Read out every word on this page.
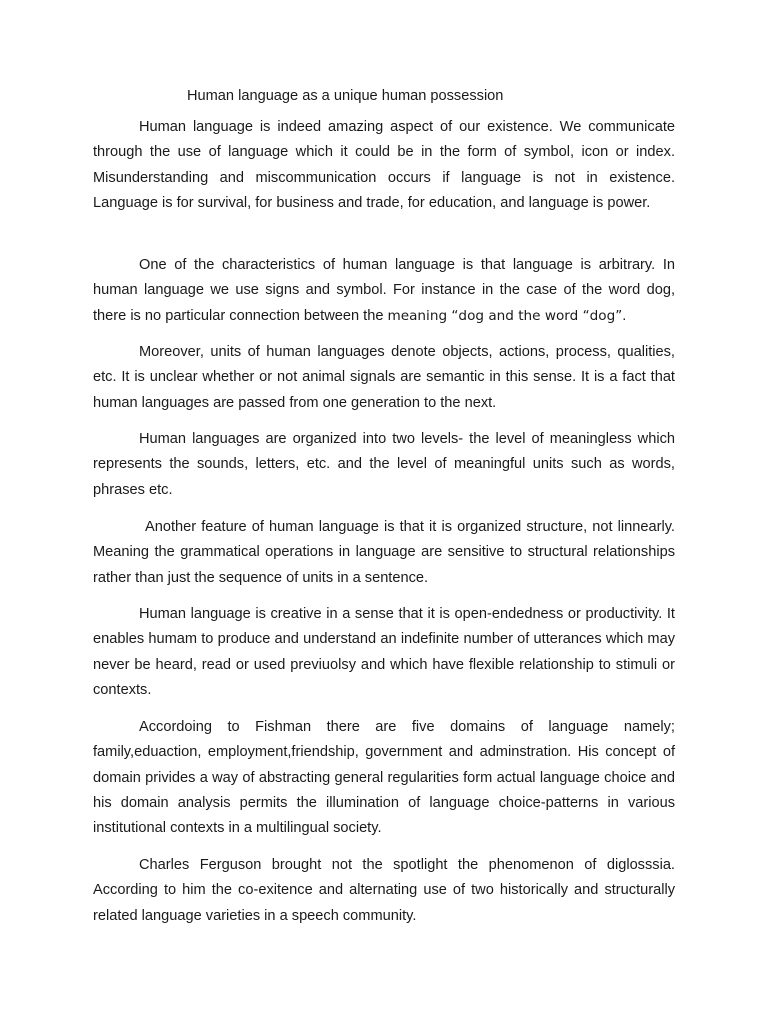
Human language as a unique human possession

Human language is indeed amazing aspect of our existence. We communicate through the use of language which it could be in the form of symbol, icon or index. Misunderstanding and miscommunication occurs if language is not in existence. Language is for survival, for business and trade, for education, and language is power.

One of the characteristics of human language is that language is arbitrary. In human language we use signs and symbol. For instance in the case of the word dog, there is no particular connection between the meaning “dog and the word “dog”.

Moreover, units of human languages denote objects, actions, process, qualities, etc. It is unclear whether or not animal signals are semantic in this sense. It is a fact that human languages are passed from one generation to the next.

Human languages are organized into two levels- the level of meaningless which represents the sounds, letters, etc. and the level of meaningful units such as words, phrases etc.

Another feature of human language is that it is organized structure, not linnearly. Meaning the grammatical operations in language are sensitive to structural relationships rather than just the sequence of units in a sentence.

Human language is creative in a sense that it is open-endedness or productivity. It enables humam to produce and understand an indefinite number of utterances which may never be heard, read or used previuolsy and which have flexible relationship to stimuli or contexts.

Accordoing to Fishman there are five domains of language namely; family,eduaction, employment,friendship, government and adminstration. His concept of domain privides a way of abstracting general regularities form actual language choice and his domain analysis permits the illumination of language choice-patterns in various institutional contexts in a multilingual society.

Charles Ferguson brought not the spotlight the phenomenon of diglosssia. According to him the co-exitence and alternating use of two historically and structurally related language varieties in a speech community.
